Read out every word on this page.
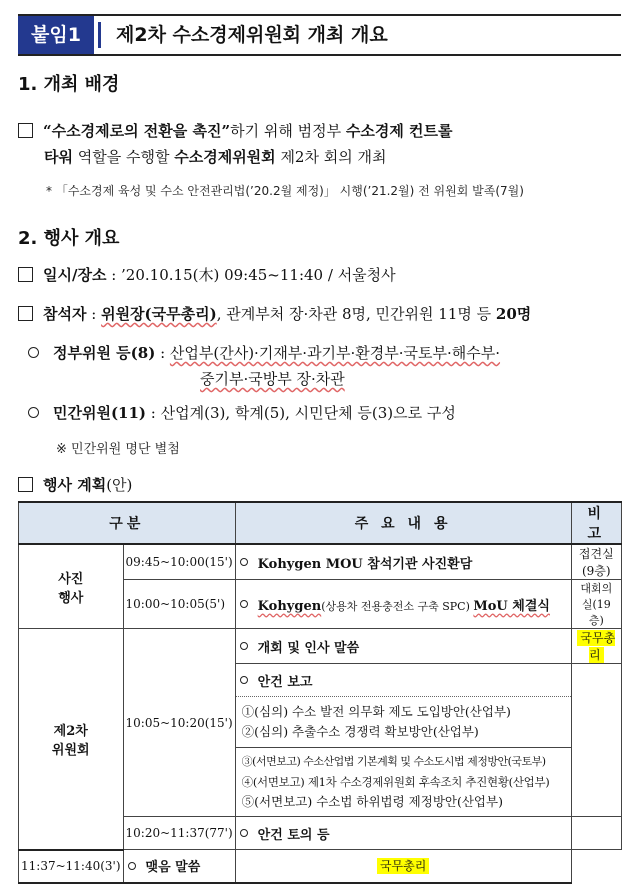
붙임1	제2차 수소경제위원회 개최 개요
1. 개최 배경
“수소경제로의 전환을 촉진”하기 위해 범정부 수소경제 컨트롤
타워 역할을 수행할 수소경제위원회 제2차 회의 개최
* 「수소경제 육성 및 수소 안전관리법(’20.2월 제정)」 시행(’21.2월) 전 위원회 발족(7월)
2. 행사 개요
일시/장소 : ’20.10.15(木) 09:45~11:40 / 서울청사
참석자 : 위원장(국무총리), 관계부처 장·차관 8명, 민간위원 11명 등 20명
정부위원 등(8) : 산업부(간사)·기재부·과기부·환경부·국토부·해수부·
중기부·국방부 장·차관
민간위원(11) : 산업계(3), 학계(5), 시민단체 등(3)으로 구성
※ 민간위원 명단 별첨
행사 계획(안)
구분		주 요 내 용	비 고
사진
행사	09:45~10:00(15')	Kohygen MOU 참석기관 사진환담	접견실(9층)
	10:00~10:05(5')	Kohygen(상용차 전용충전소 구축 SPC) MoU 체결식	대회의실(19층)
제2차
위원회	10:05~10:20(15')	개회 및 인사 말씀	국무총리
		안건 보고	

		①(심의) 수소 발전 의무화 제도 도입방안(산업부)
②(심의) 추출수소 경쟁력 확보방안(산업부)	

		③(서면보고) 수소산업법 기본계획 및 수소도시법 제정방안(국토부)
④(서면보고) 제1차 수소경제위원회 후속조치 추진현황(산업부)
⑤(서면보고) 수소법 하위법령 제정방안(산업부)	

	10:20~11:37(77')	안건 토의 등	
11:37~11:40(3')	맺음 말씀	국무총리	
